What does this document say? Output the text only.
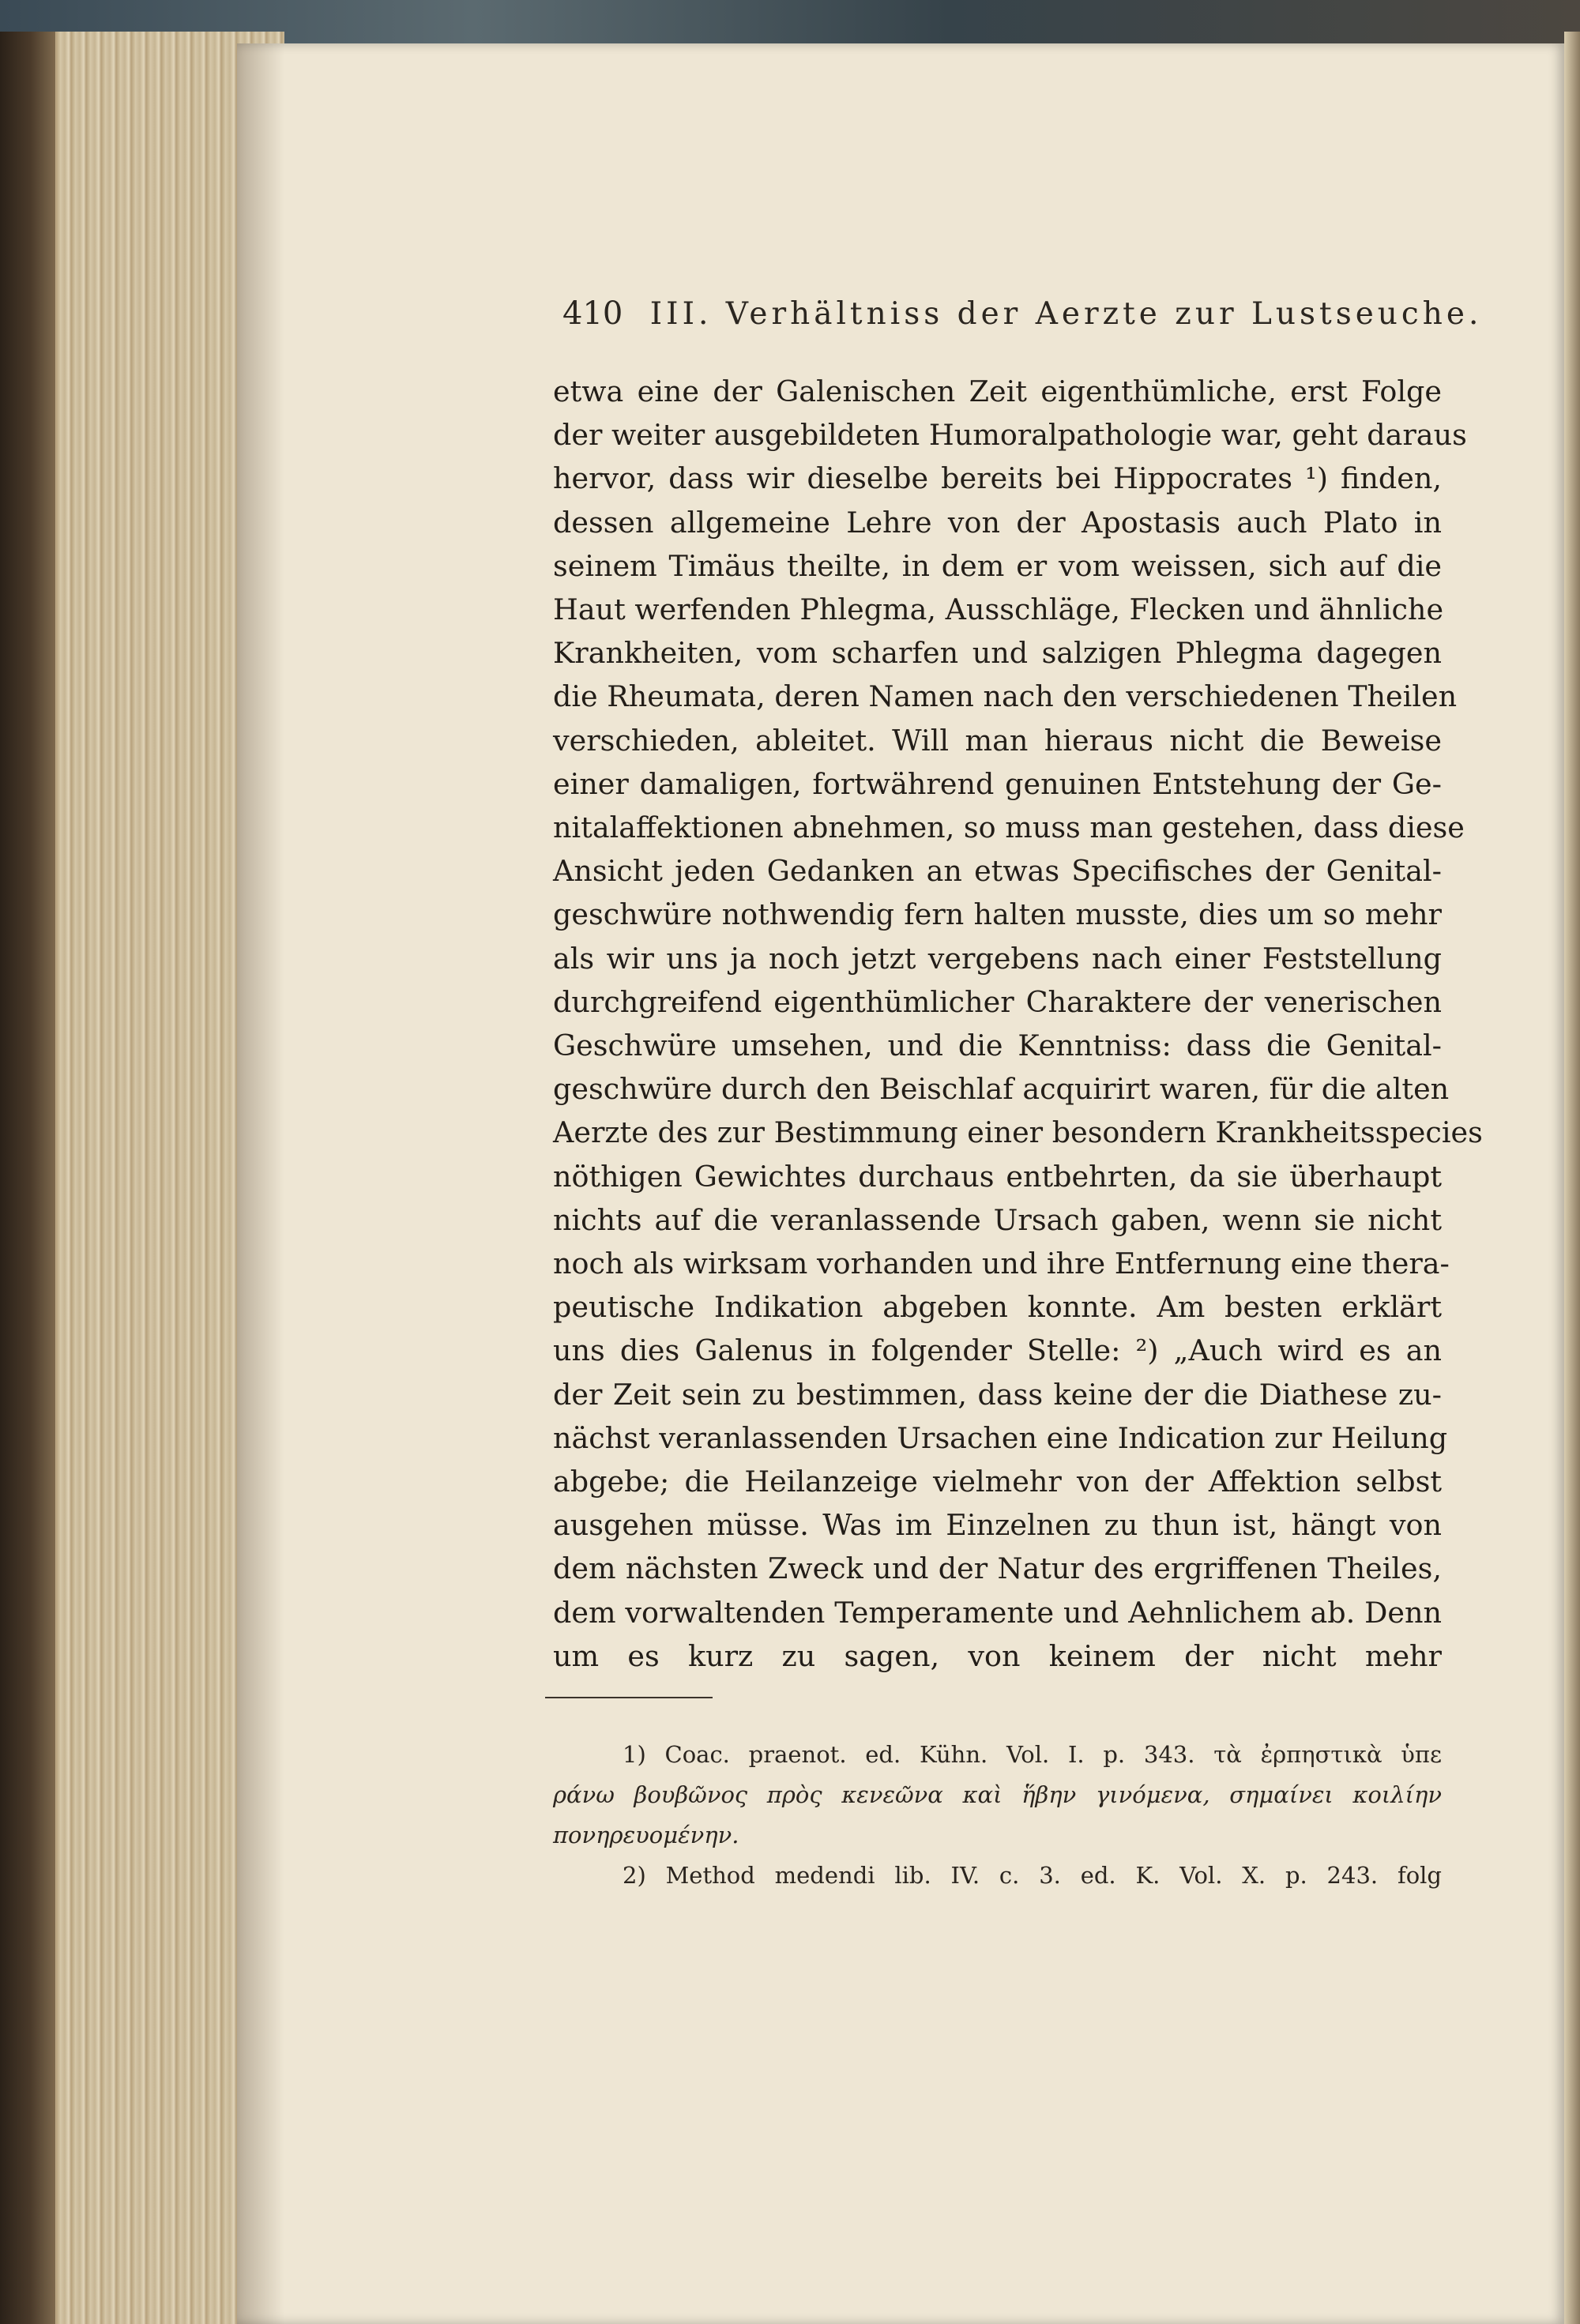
410 III. Verhältniss der Aerzte zur Lustseuche.
etwa eine der Galenischen Zeit eigenthümliche, erst Folge
der weiter ausgebildeten Humoralpathologie war, geht daraus
hervor, dass wir dieselbe bereits bei Hippocrates ¹) finden,
dessen allgemeine Lehre von der Apostasis auch Plato in
seinem Timäus theilte, in dem er vom weissen, sich auf die
Haut werfenden Phlegma, Ausschläge, Flecken und ähnliche
Krankheiten, vom scharfen und salzigen Phlegma dagegen
die Rheumata, deren Namen nach den verschiedenen Theilen
verschieden, ableitet. Will man hieraus nicht die Beweise
einer damaligen, fortwährend genuinen Entstehung der Ge-
nitalaffektionen abnehmen, so muss man gestehen, dass diese
Ansicht jeden Gedanken an etwas Specifisches der Genital-
geschwüre nothwendig fern halten musste, dies um so mehr
als wir uns ja noch jetzt vergebens nach einer Feststellung
durchgreifend eigenthümlicher Charaktere der venerischen
Geschwüre umsehen, und die Kenntniss: dass die Genital-
geschwüre durch den Beischlaf acquirirt waren, für die alten
Aerzte des zur Bestimmung einer besondern Krankheitsspecies
nöthigen Gewichtes durchaus entbehrten, da sie überhaupt
nichts auf die veranlassende Ursach gaben, wenn sie nicht
noch als wirksam vorhanden und ihre Entfernung eine thera-
peutische Indikation abgeben konnte. Am besten erklärt
uns dies Galenus in folgender Stelle: ²) „Auch wird es an
der Zeit sein zu bestimmen, dass keine der die Diathese zu-
nächst veranlassenden Ursachen eine Indication zur Heilung
abgebe; die Heilanzeige vielmehr von der Affektion selbst
ausgehen müsse. Was im Einzelnen zu thun ist, hängt von
dem nächsten Zweck und der Natur des ergriffenen Theiles,
dem vorwaltenden Temperamente und Aehnlichem ab. Denn
um es kurz zu sagen, von keinem der nicht mehr
1) Coac. praenot. ed. Kühn. Vol. I. p. 343. τὰ ἐρπηστικὰ ὑπε
ράνω βουβῶνος πρὸς κενεῶνα καὶ ἥβην γινόμενα, σημαίνει κοιλίην
πονηρευομένην.
2) Method medendi lib. IV. c. 3. ed. K. Vol. X. p. 243. folg
